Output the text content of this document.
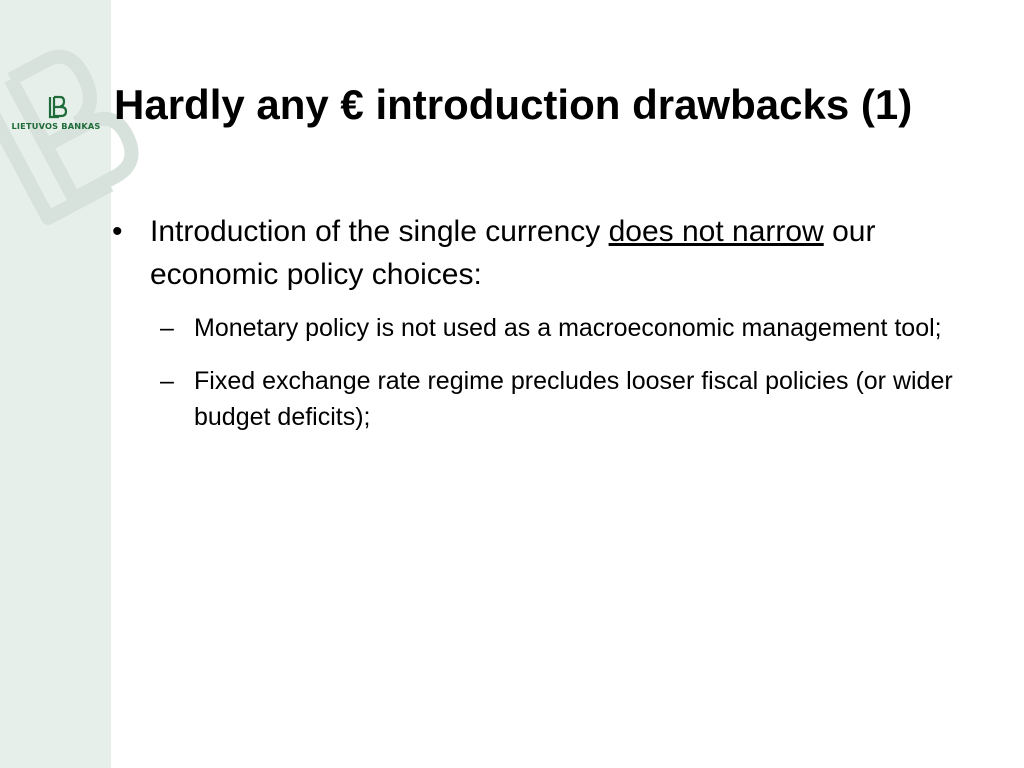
LIETUVOS BANKAS Hardly any € introduction drawbacks (1)
• Introduction of the single currency does not narrow our economic policy choices:
– Monetary policy is not used as a macroeconomic management tool;
– Fixed exchange rate regime precludes looser fiscal policies (or wider budget deficits);
